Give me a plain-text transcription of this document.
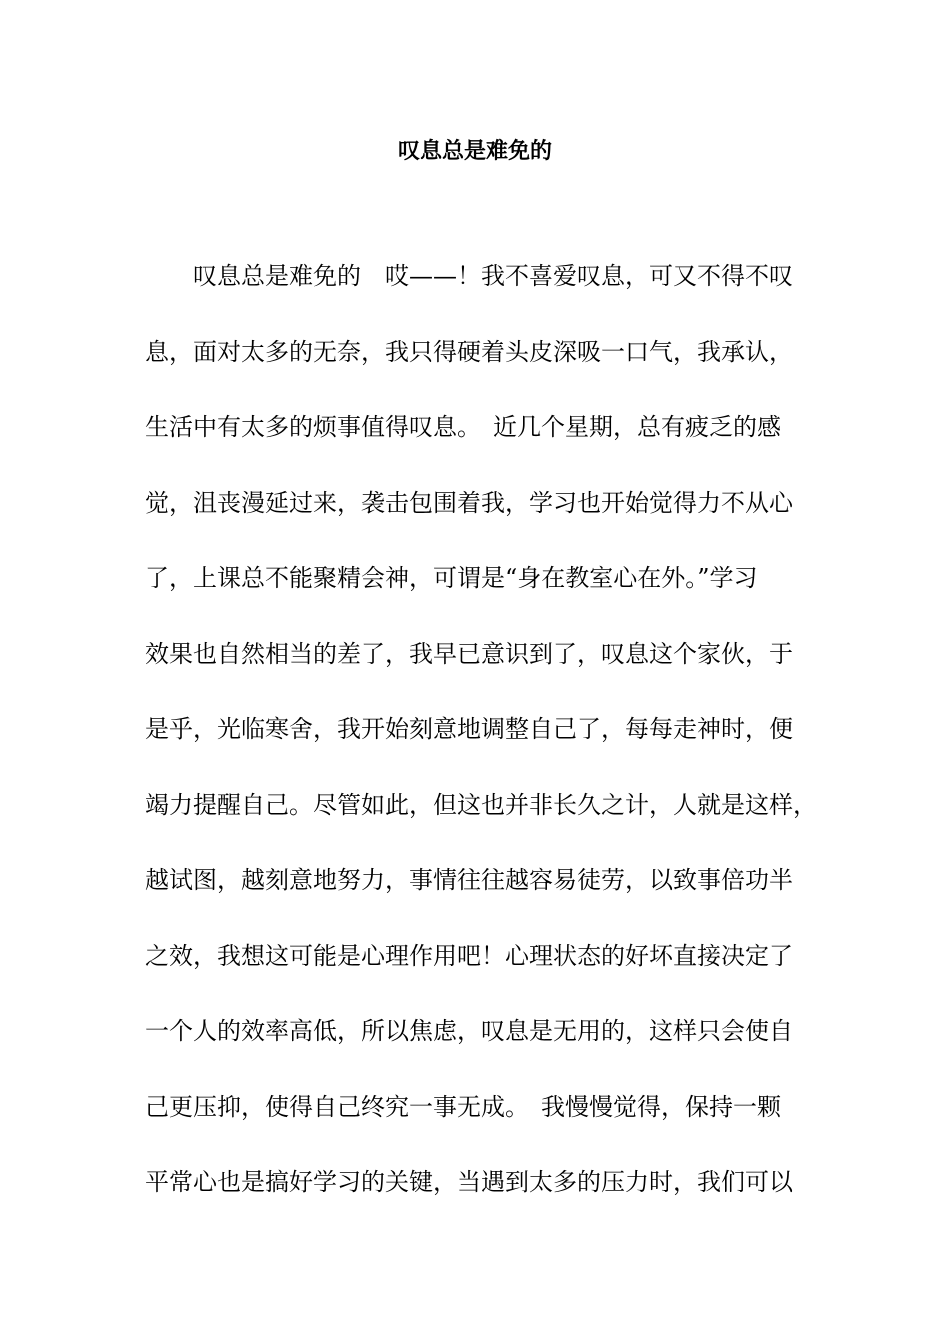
叹息总是难免的
　　叹息总是难免的　哎——！我不喜爱叹息，可又不得不叹
息，面对太多的无奈，我只得硬着头皮深吸一口气，我承认，
生活中有太多的烦事值得叹息。　近几个星期，总有疲乏的感
觉，沮丧漫延过来，袭击包围着我，学习也开始觉得力不从心
了，上课总不能聚精会神，可谓是“身在教室心在外。”学习
效果也自然相当的差了，我早已意识到了，叹息这个家伙，于
是乎，光临寒舍，我开始刻意地调整自己了，每每走神时，便
竭力提醒自己。尽管如此，但这也并非长久之计，人就是这样，
越试图，越刻意地努力，事情往往越容易徒劳，以致事倍功半
之效，我想这可能是心理作用吧！心理状态的好坏直接决定了
一个人的效率高低，所以焦虑，叹息是无用的，这样只会使自
己更压抑，使得自己终究一事无成。　我慢慢觉得，保持一颗
平常心也是搞好学习的关键，当遇到太多的压力时，我们可以
